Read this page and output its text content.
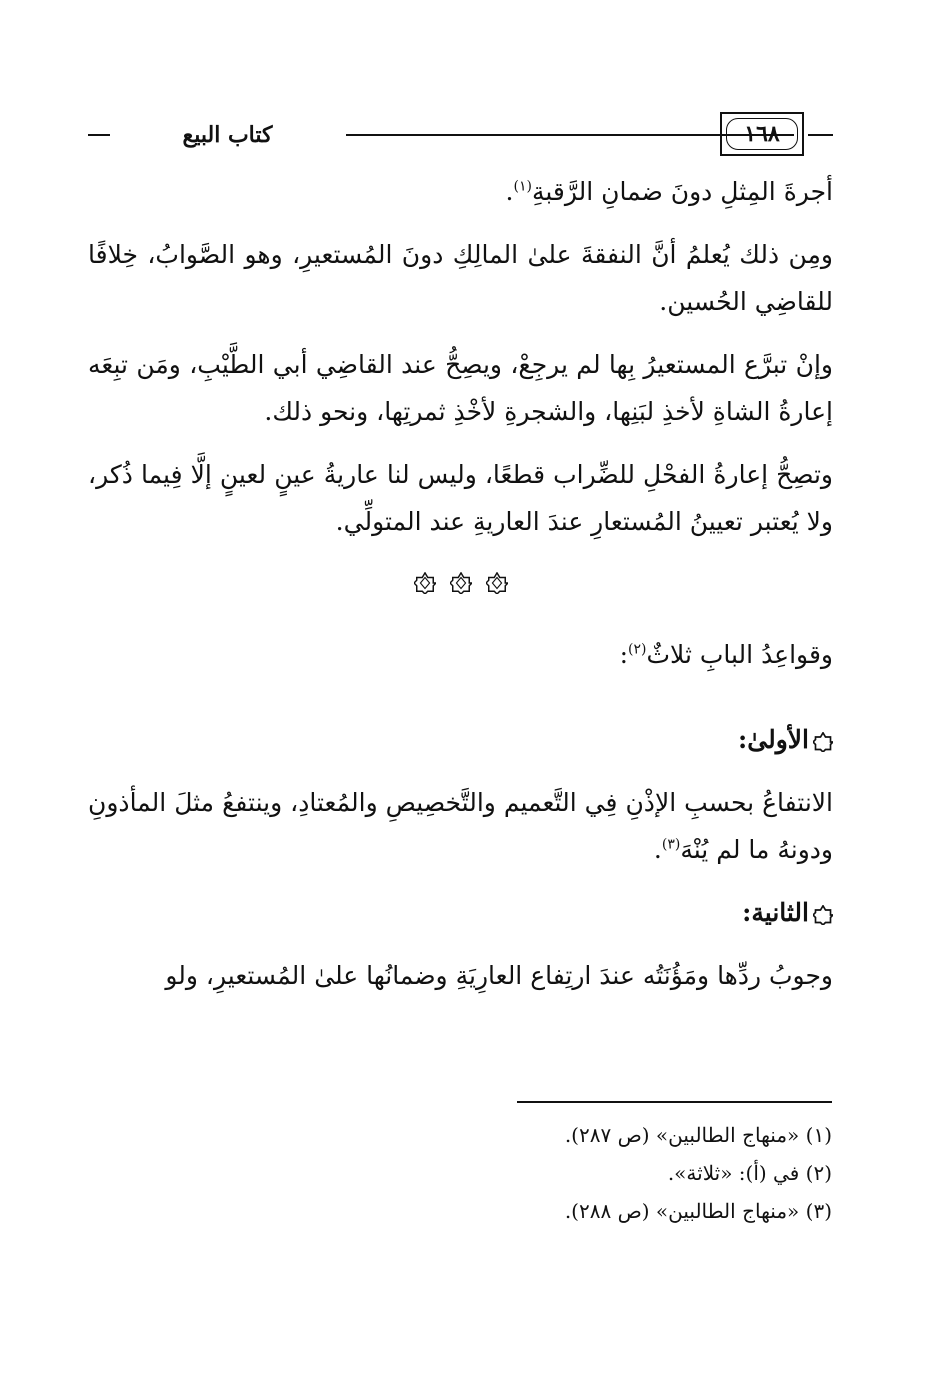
كتاب البيع	١٦٨

أجرةَ المِثلِ دونَ ضمانِ الرَّقبةِ$^{(١)}$.

ومِن ذلك يُعلمُ أنَّ النفقةَ علىٰ المالِكِ دونَ المُستعيرِ، وهو الصَّوابُ، خِلافًا للقاضِي الحُسين.

وإنْ تبرَّع المستعيرُ بِها لم يرجِعْ، ويصِحُّ عند القاضِي أبي الطَّيْبِ، ومَن تبِعَه إعارةُ الشاةِ لأخذِ لبَنِها، والشجرةِ لأخْذِ ثمرتِها، ونحو ذلك.

وتصِحُّ إعارةُ الفحْلِ للضِّراب قطعًا، وليس لنا عاريةُ عينٍ لعينٍ إلَّا فِيما ذُكر، ولا يُعتبر تعيينُ المُستعارِ عندَ العاريةِ عند المتولِّي.

وقواعِدُ البابِ ثلاثٌ$^{(٢)}$:

الأولىٰ:

الانتفاعُ بحسبِ الإذْنِ فِي التَّعميم والتَّخصِيصِ والمُعتادِ، وينتفعُ مثلَ المأذونِ ودونهُ ما لم يُنْهَ$^{(٣)}$.

الثانية:

وجوبُ ردِّها ومَؤُنَتُه عندَ ارتِفاع العارِيَةِ وضمانُها علىٰ المُستعيرِ، ولو

(١) «منهاج الطالبين» (ص ٢٨٧).
(٢) في (أ): «ثلاثة».
(٣) «منهاج الطالبين» (ص ٢٨٨).
